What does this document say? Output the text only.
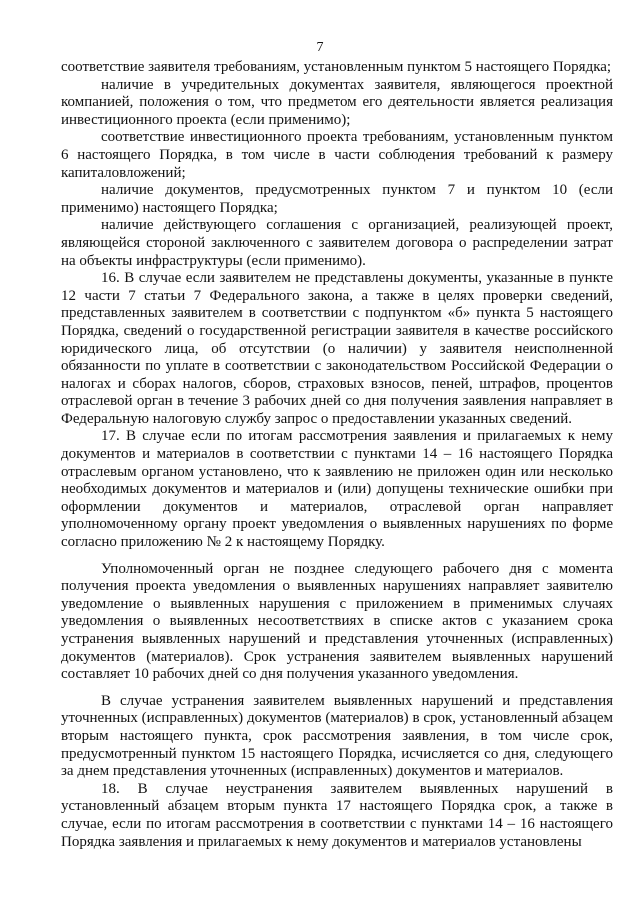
7

соответствие заявителя требованиям, установленным пунктом 5 настоящего Порядка;

наличие в учредительных документах заявителя, являющегося проектной компанией, положения о том, что предметом его деятельности является реализация инвестиционного проекта (если применимо);

соответствие инвестиционного проекта требованиям, установленным пунктом 6 настоящего Порядка, в том числе в части соблюдения требований к размеру капиталовложений;

наличие документов, предусмотренных пунктом 7 и пунктом 10 (если применимо) настоящего Порядка;

наличие действующего соглашения с организацией, реализующей проект, являющейся стороной заключенного с заявителем договора о распределении затрат на объекты инфраструктуры (если применимо).

16. В случае если заявителем не представлены документы, указанные в пункте 12 части 7 статьи 7 Федерального закона, а также в целях проверки сведений, представленных заявителем в соответствии с подпунктом «б» пункта 5 настоящего Порядка, сведений о государственной регистрации заявителя в качестве российского юридического лица, об отсутствии (о наличии) у заявителя неисполненной обязанности по уплате в соответствии с законодательством Российской Федерации о налогах и сборах налогов, сборов, страховых взносов, пеней, штрафов, процентов отраслевой орган в течение 3 рабочих дней со дня получения заявления направляет в Федеральную налоговую службу запрос о предоставлении указанных сведений.

17. В случае если по итогам рассмотрения заявления и прилагаемых к нему документов и материалов в соответствии с пунктами 14 – 16 настоящего Порядка отраслевым органом установлено, что к заявлению не приложен один или несколько необходимых документов и материалов и (или) допущены технические ошибки при оформлении документов и материалов, отраслевой орган направляет уполномоченному органу проект уведомления о выявленных нарушениях по форме согласно приложению № 2 к настоящему Порядку.

Уполномоченный орган не позднее следующего рабочего дня с момента получения проекта уведомления о выявленных нарушениях направляет заявителю уведомление о выявленных нарушения с приложением в применимых случаях уведомления о выявленных несоответствиях в списке актов с указанием срока устранения выявленных нарушений и представления уточненных (исправленных) документов (материалов). Срок устранения заявителем выявленных нарушений составляет 10 рабочих дней со дня получения указанного уведомления.

В случае устранения заявителем выявленных нарушений и представления уточненных (исправленных) документов (материалов) в срок, установленный абзацем вторым настоящего пункта, срок рассмотрения заявления, в том числе срок, предусмотренный пунктом 15 настоящего Порядка, исчисляется со дня, следующего за днем представления уточненных (исправленных) документов и материалов.

18. В случае неустранения заявителем выявленных нарушений в установленный абзацем вторым пункта 17 настоящего Порядка срок, а также в случае, если по итогам рассмотрения в соответствии с пунктами 14 – 16 настоящего Порядка заявления и прилагаемых к нему документов и материалов установлены
